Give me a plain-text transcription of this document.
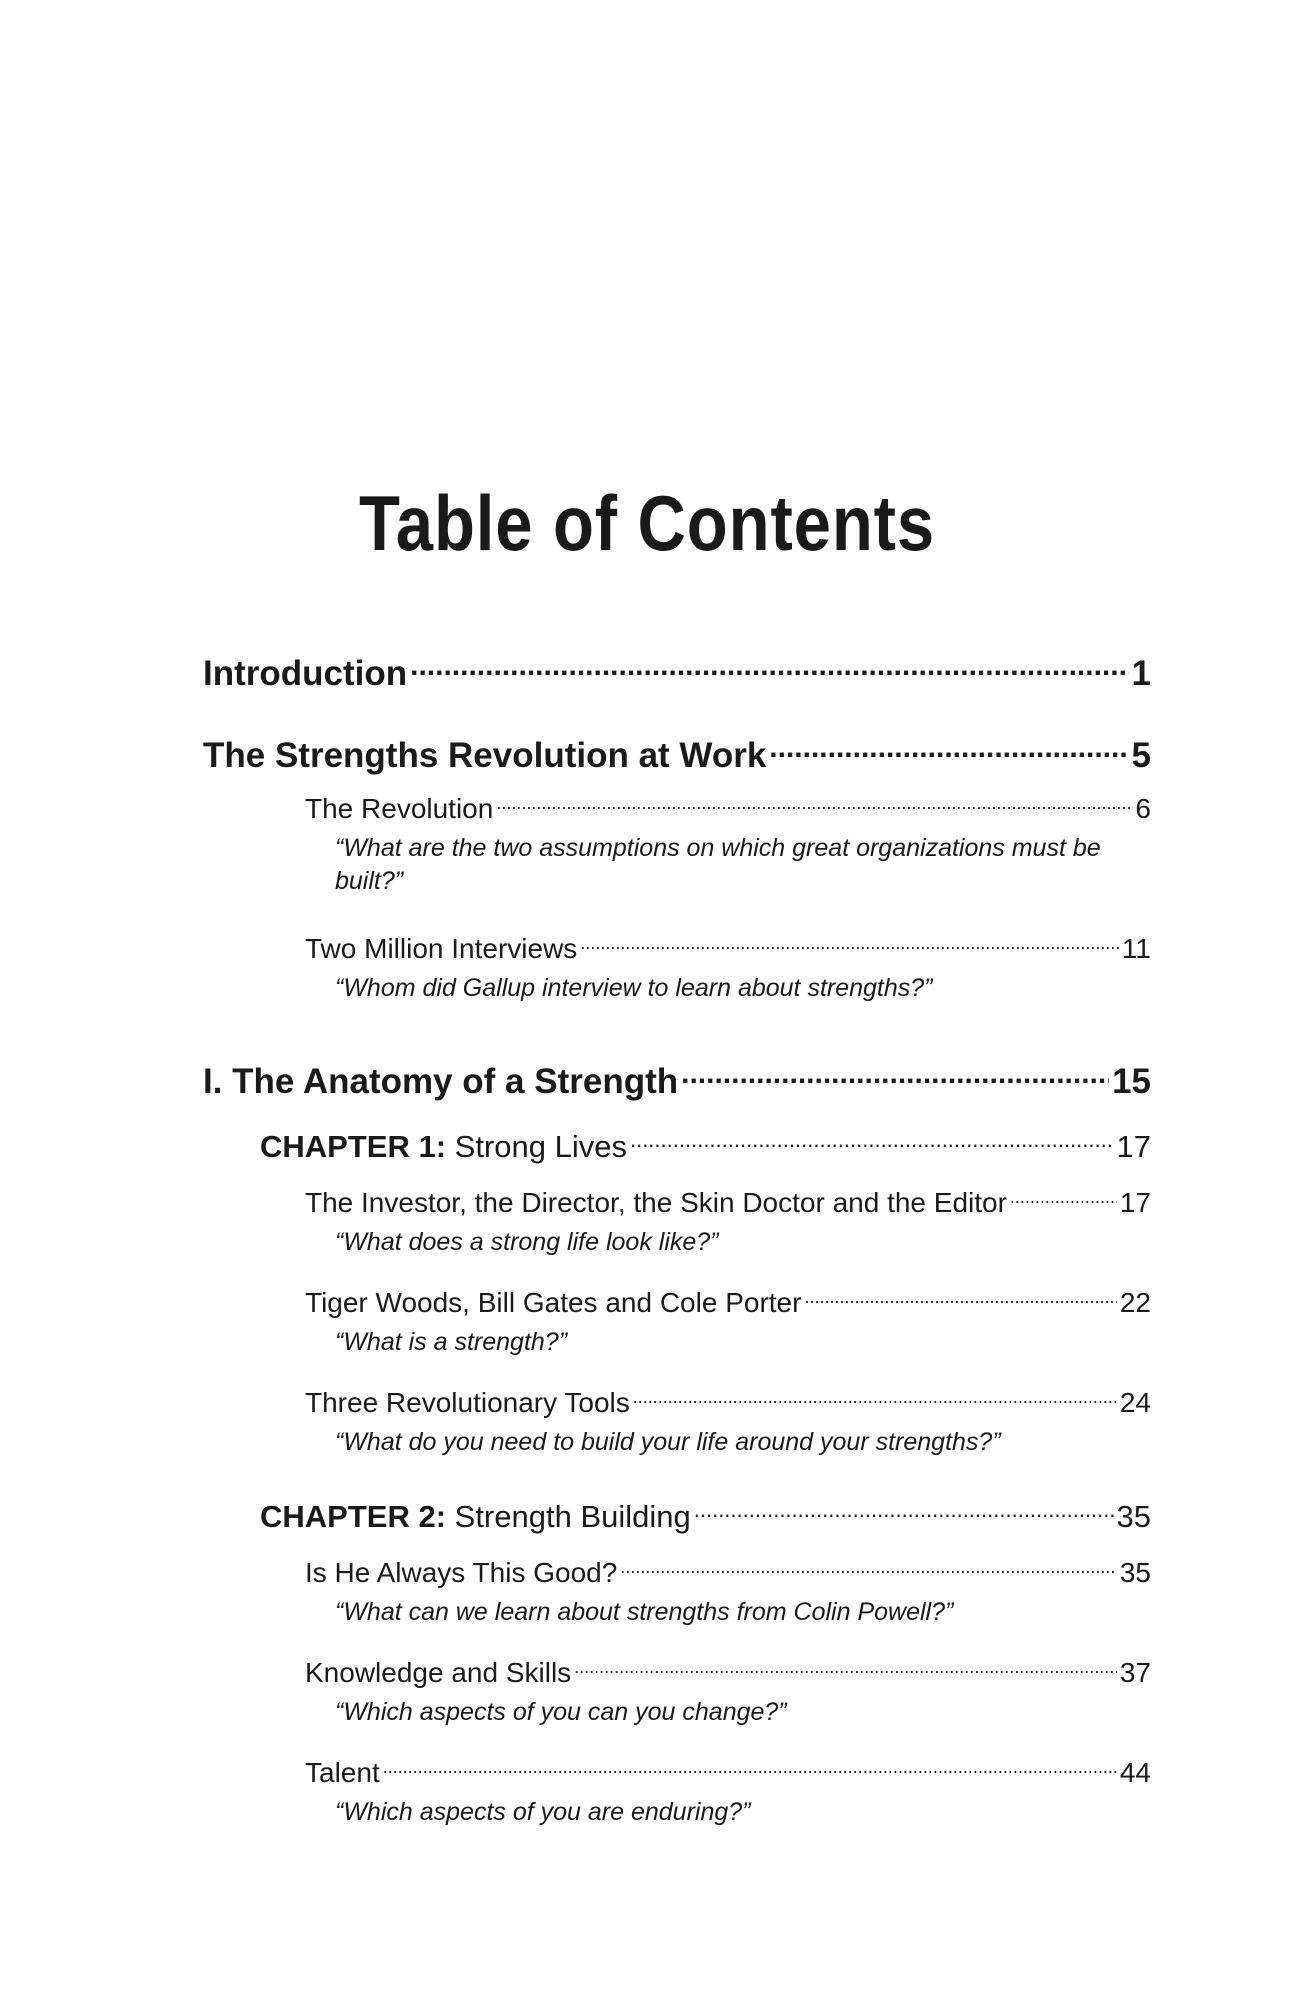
Table of Contents
Introduction .....	1
The Strengths Revolution at Work .....	5
The Revolution .....	6
“What are the two assumptions on which great organizations must be built?”
Two Million Interviews .....	11
“Whom did Gallup interview to learn about strengths?”
I. The Anatomy of a Strength .....	15
CHAPTER 1: Strong Lives .....	17
The Investor, the Director, the Skin Doctor and the Editor .....	17
“What does a strong life look like?”
Tiger Woods, Bill Gates and Cole Porter .....	22
“What is a strength?”
Three Revolutionary Tools .....	24
“What do you need to build your life around your strengths?”
CHAPTER 2: Strength Building .....	35
Is He Always This Good? .....	35
“What can we learn about strengths from Colin Powell?”
Knowledge and Skills .....	37
“Which aspects of you can you change?”
Talent .....	44
“Which aspects of you are enduring?”
